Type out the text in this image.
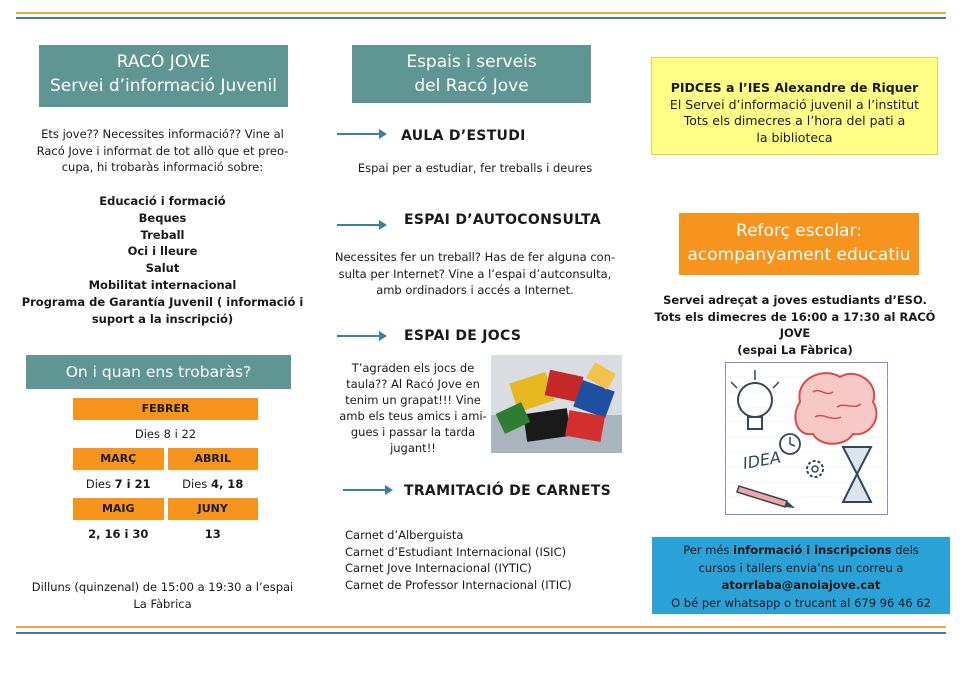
RACÓ JOVE
Servei d’informació Juvenil
Ets jove?? Necessites informació?? Vine al
Racó Jove i informat de tot allò que et preo-
cupa, hi trobaràs informació sobre:
Educació i formació
Beques
Treball
Oci i lleure
Salut
Mobilitat internacional
Programa de Garantía Juvenil ( informació i
suport a la inscripció)
On i quan ens trobaràs?
FEBRER
Dies 8 i 22
MARÇ	ABRIL
Dies 7 i 21	Dies 4, 18
MAIG	JUNY
2, 16 i 30	13
Dilluns (quinzenal) de 15:00 a 19:30 a l’espai
La Fàbrica
Espais i serveis
del Racó Jove
AULA D’ESTUDI
Espai per a estudiar, fer treballs i deures
ESPAI D’AUTOCONSULTA
Necessites fer un treball? Has de fer alguna con-
sulta per Internet? Vine a l’espai d’autconsulta,
amb ordinadors i accés a Internet.
ESPAI DE JOCS
T’agraden els jocs de
taula?? Al Racó Jove en
tenim un grapat!!! Vine
amb els teus amics i ami-
gues i passar la tarda
jugant!!
TRAMITACIÓ DE CARNETS
Carnet d’Alberguista
Carnet d’Estudiant Internacional (ISIC)
Carnet Jove Internacional (IYTIC)
Carnet de Professor Internacional (ITIC)
PIDCES a l’IES Alexandre de Riquer
El Servei d’informació juvenil a l’institut
Tots els dimecres a l’hora del pati a
la biblioteca
Reforç escolar:
acompanyament educatiu
Servei adreçat a joves estudiants d’ESO.
Tots els dimecres de 16:00 a 17:30 al RACÓ JOVE
(espai La Fàbrica)
IDEA
Per més informació i inscripcions dels
cursos i tallers envia’ns un correu a
atorrlaba@anoiajove.cat
O bé per whatsapp o trucant al 679 96 46 62
